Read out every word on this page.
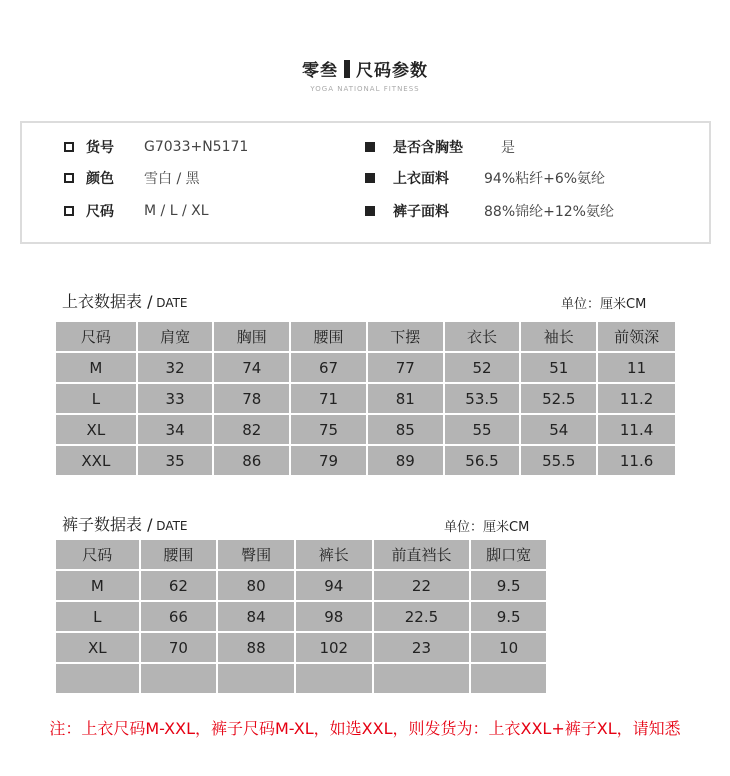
零叁 尺码参数
YOGA NATIONAL FITNESS
货号	G7033+N5171
颜色	雪白 / 黑
尺码	M / L / XL
是否含胸垫	是
上衣面料	94%粘纤+6%氨纶
裤子面料	88%锦纶+12%氨纶
上衣数据表 / DATE	单位：厘米CM
尺码	肩宽	胸围	腰围	下摆	衣长	袖长	前领深
M	32	74	67	77	52	51	11
L	33	78	71	81	53.5	52.5	11.2
XL	34	82	75	85	55	54	11.4
XXL	35	86	79	89	56.5	55.5	11.6
裤子数据表 / DATE	单位：厘米CM
尺码	腰围	臀围	裤长	前直裆长	脚口宽
M	62	80	94	22	9.5
L	66	84	98	22.5	9.5
XL	70	88	102	23	10

注：上衣尺码M-XXL，裤子尺码M-XL，如选XXL，则发货为：上衣XXL+裤子XL，请知悉
